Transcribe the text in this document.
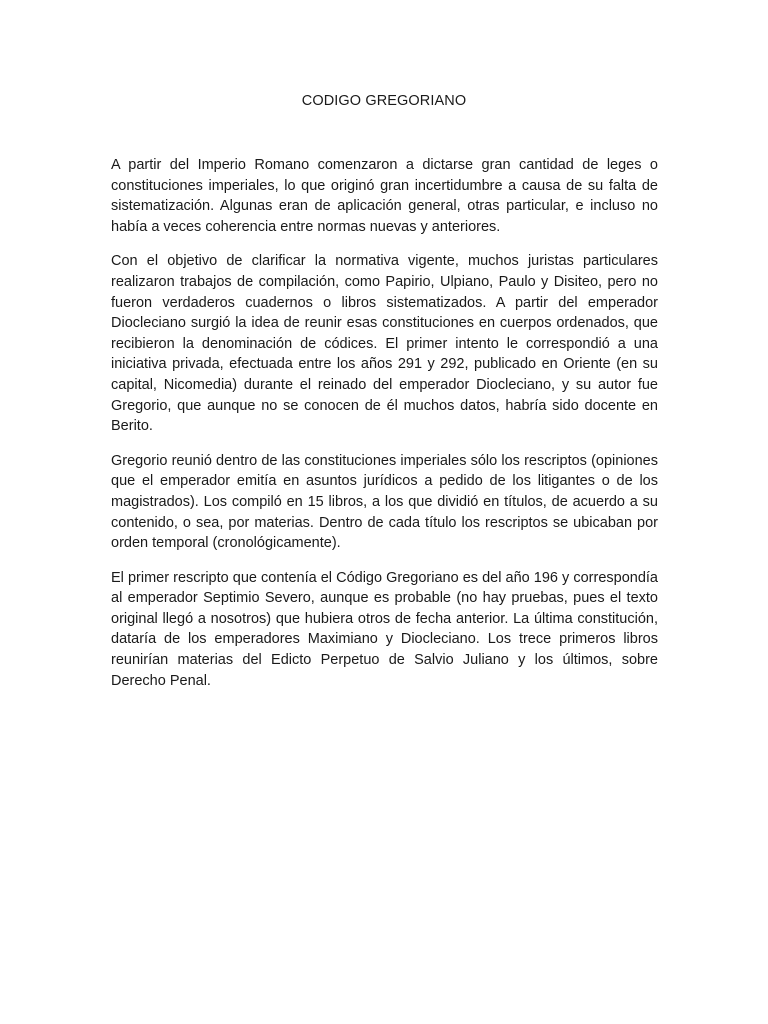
CODIGO GREGORIANO

A partir del Imperio Romano comenzaron a dictarse gran cantidad de leges o constituciones imperiales, lo que originó gran incertidumbre a causa de su falta de sistematización. Algunas eran de aplicación general, otras particular, e incluso no había a veces coherencia entre normas nuevas y anteriores.

Con el objetivo de clarificar la normativa vigente, muchos juristas particulares realizaron trabajos de compilación, como Papirio, Ulpiano, Paulo y Disiteo, pero no fueron verdaderos cuadernos o libros sistematizados. A partir del emperador Diocleciano surgió la idea de reunir esas constituciones en cuerpos ordenados, que recibieron la denominación de códices. El primer intento le correspondió a una iniciativa privada, efectuada entre los años 291 y 292, publicado en Oriente (en su capital, Nicomedia) durante el reinado del emperador Diocleciano, y su autor fue Gregorio, que aunque no se conocen de él muchos datos, habría sido docente en Berito.

Gregorio reunió dentro de las constituciones imperiales sólo los rescriptos (opiniones que el emperador emitía en asuntos jurídicos a pedido de los litigantes o de los magistrados). Los compiló en 15 libros, a los que dividió en títulos, de acuerdo a su contenido, o sea, por materias. Dentro de cada título los rescriptos se ubicaban por orden temporal (cronológicamente).

El primer rescripto que contenía el Código Gregoriano es del año 196 y correspondía al emperador Septimio Severo, aunque es probable (no hay pruebas, pues el texto original llegó a nosotros) que hubiera otros de fecha anterior. La última constitución, dataría de los emperadores Maximiano y Diocleciano. Los trece primeros libros reunirían materias del Edicto Perpetuo de Salvio Juliano y los últimos, sobre Derecho Penal.
